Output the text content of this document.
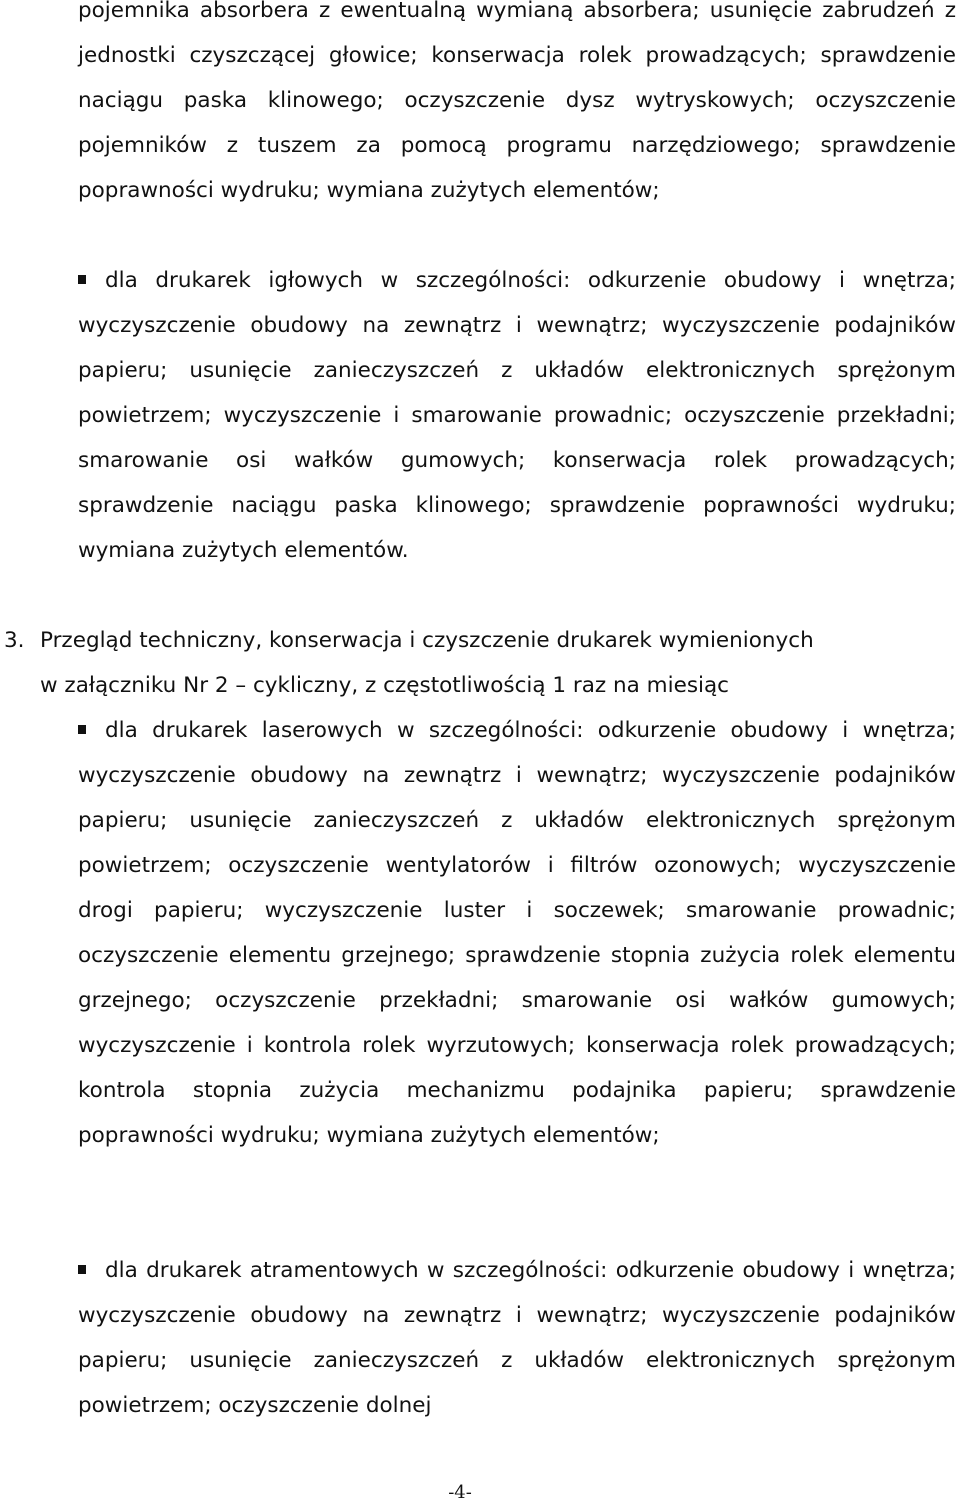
pojemnika absorbera z ewentualną wymianą absorbera; usunięcie zabrudzeń z jednostki czyszczącej głowice; konserwacja rolek prowadzących; sprawdzenie naciągu paska klinowego; oczyszczenie dysz wytryskowych; oczyszczenie pojemników z tuszem za pomocą programu narzędziowego; sprawdzenie poprawności wydruku; wymiana zużytych elementów;

dla drukarek igłowych w szczególności: odkurzenie obudowy i wnętrza; wyczyszczenie obudowy na zewnątrz i wewnątrz; wyczyszczenie podajników papieru; usunięcie zanieczyszczeń z układów elektronicznych sprężonym powietrzem; wyczyszczenie i smarowanie prowadnic; oczyszczenie przekładni; smarowanie osi wałków gumowych; konserwacja rolek prowadzących; sprawdzenie naciągu paska klinowego; sprawdzenie poprawności wydruku; wymiana zużytych elementów.

3. Przegląd techniczny, konserwacja i czyszczenie drukarek wymienionych
w załączniku Nr 2 – cykliczny, z częstotliwością 1 raz na miesiąc

dla drukarek laserowych w szczególności: odkurzenie obudowy i wnętrza; wyczyszczenie obudowy na zewnątrz i wewnątrz; wyczyszczenie podajników papieru; usunięcie zanieczyszczeń z układów elektronicznych sprężonym powietrzem; oczyszczenie wentylatorów i filtrów ozonowych; wyczyszczenie drogi papieru; wyczyszczenie luster i soczewek; smarowanie prowadnic; oczyszczenie elementu grzejnego; sprawdzenie stopnia zużycia rolek elementu grzejnego; oczyszczenie przekładni; smarowanie osi wałków gumowych; wyczyszczenie i kontrola rolek wyrzutowych; konserwacja rolek prowadzących; kontrola stopnia zużycia mechanizmu podajnika papieru; sprawdzenie poprawności wydruku; wymiana zużytych elementów;

dla drukarek atramentowych w szczególności: odkurzenie obudowy i wnętrza; wyczyszczenie obudowy na zewnątrz i wewnątrz; wyczyszczenie podajników papieru; usunięcie zanieczyszczeń z układów elektronicznych sprężonym powietrzem; oczyszczenie dolnej

-4-
